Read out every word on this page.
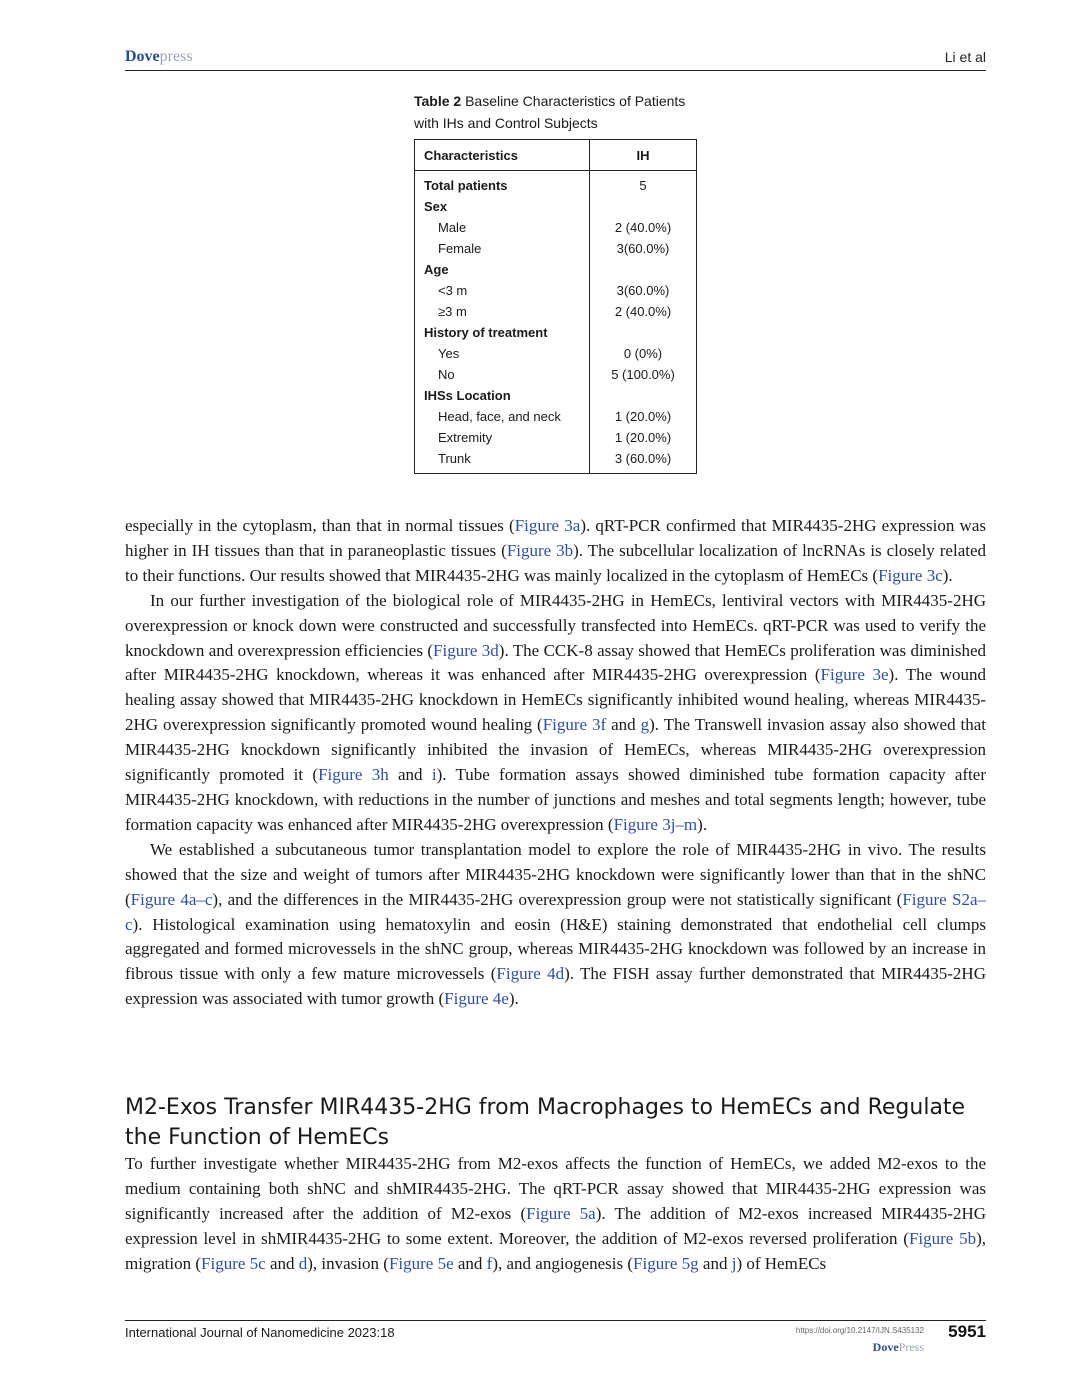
Dovepress	Li et al
Table 2 Baseline Characteristics of Patients with IHs and Control Subjects
Characteristics	IH
Total patients	5
Sex	
Male	2 (40.0%)
Female	3(60.0%)
Age	
<3 m	3(60.0%)
≥3 m	2 (40.0%)
History of treatment	
Yes	0 (0%)
No	5 (100.0%)
IHSs Location	
Head, face, and neck	1 (20.0%)
Extremity	1 (20.0%)
Trunk	3 (60.0%)

especially in the cytoplasm, than that in normal tissues (Figure 3a). qRT-PCR confirmed that MIR4435-2HG expression was higher in IH tissues than that in paraneoplastic tissues (Figure 3b). The subcellular localization of lncRNAs is closely related to their functions. Our results showed that MIR4435-2HG was mainly localized in the cytoplasm of HemECs (Figure 3c).

In our further investigation of the biological role of MIR4435-2HG in HemECs, lentiviral vectors with MIR4435-2HG overexpression or knock down were constructed and successfully transfected into HemECs. qRT-PCR was used to verify the knockdown and overexpression efficiencies (Figure 3d). The CCK-8 assay showed that HemECs proliferation was diminished after MIR4435-2HG knockdown, whereas it was enhanced after MIR4435-2HG overexpression (Figure 3e). The wound healing assay showed that MIR4435-2HG knockdown in HemECs significantly inhibited wound healing, whereas MIR4435-2HG overexpression significantly promoted wound healing (Figure 3f and g). The Transwell invasion assay also showed that MIR4435-2HG knockdown significantly inhibited the invasion of HemECs, whereas MIR4435-2HG overexpression significantly promoted it (Figure 3h and i). Tube formation assays showed diminished tube formation capacity after MIR4435-2HG knockdown, with reductions in the number of junctions and meshes and total segments length; however, tube formation capacity was enhanced after MIR4435-2HG overexpression (Figure 3j–m).

We established a subcutaneous tumor transplantation model to explore the role of MIR4435-2HG in vivo. The results showed that the size and weight of tumors after MIR4435-2HG knockdown were significantly lower than that in the shNC (Figure 4a–c), and the differences in the MIR4435-2HG overexpression group were not statistically significant (Figure S2a–c). Histological examination using hematoxylin and eosin (H&E) staining demonstrated that endothelial cell clumps aggregated and formed microvessels in the shNC group, whereas MIR4435-2HG knockdown was followed by an increase in fibrous tissue with only a few mature microvessels (Figure 4d). The FISH assay further demonstrated that MIR4435-2HG expression was associated with tumor growth (Figure 4e).

M2-Exos Transfer MIR4435-2HG from Macrophages to HemECs and Regulate the Function of HemECs

To further investigate whether MIR4435-2HG from M2-exos affects the function of HemECs, we added M2-exos to the medium containing both shNC and shMIR4435-2HG. The qRT-PCR assay showed that MIR4435-2HG expression was significantly increased after the addition of M2-exos (Figure 5a). The addition of M2-exos increased MIR4435-2HG expression level in shMIR4435-2HG to some extent. Moreover, the addition of M2-exos reversed proliferation (Figure 5b), migration (Figure 5c and d), invasion (Figure 5e and f), and angiogenesis (Figure 5g and j) of HemECs

International Journal of Nanomedicine 2023:18	https://doi.org/10.2147/IJN.S435132 5951
DovePress
